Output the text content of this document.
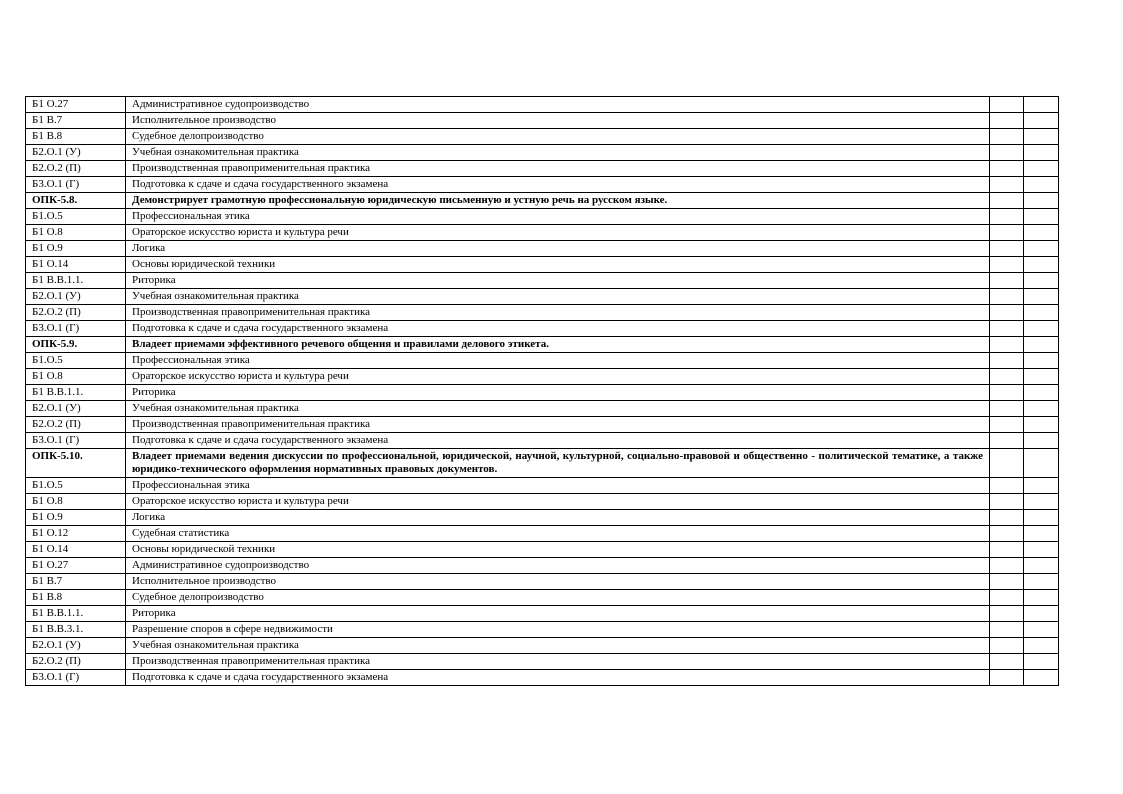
Б1 О.27	Административное судопроизводство		
Б1 В.7	Исполнительное производство		
Б1 В.8	Судебное делопроизводство		
Б2.О.1 (У)	Учебная ознакомительная практика		
Б2.О.2 (П)	Производственная правоприменительная практика		
Б3.О.1 (Г)	Подготовка к сдаче и сдача государственного экзамена		
ОПК-5.8.	Демонстрирует грамотную профессиональную юридическую письменную и устную речь на русском языке.		
Б1.О.5	Профессиональная этика		
Б1 О.8	Ораторское искусство юриста и культура речи		
Б1 О.9	Логика		
Б1 О.14	Основы юридической техники		
Б1 В.В.1.1.	Риторика		
Б2.О.1 (У)	Учебная ознакомительная практика		
Б2.О.2 (П)	Производственная правоприменительная практика		
Б3.О.1 (Г)	Подготовка к сдаче и сдача государственного экзамена		
ОПК-5.9.	Владеет приемами эффективного речевого общения и правилами делового этикета.		
Б1.О.5	Профессиональная этика		
Б1 О.8	Ораторское искусство юриста и культура речи		
Б1 В.В.1.1.	Риторика		
Б2.О.1 (У)	Учебная ознакомительная практика		
Б2.О.2 (П)	Производственная правоприменительная практика		
Б3.О.1 (Г)	Подготовка к сдаче и сдача государственного экзамена		
ОПК-5.10.	Владеет приемами ведения дискуссии по профессиональной, юридической, научной, культурной, социально-правовой и общественно - политической тематике, а также юридико-технического оформления нормативных правовых документов.		
Б1.О.5	Профессиональная этика		
Б1 О.8	Ораторское искусство юриста и культура речи		
Б1 О.9	Логика		
Б1 О.12	Судебная статистика		
Б1 О.14	Основы юридической техники		
Б1 О.27	Административное судопроизводство		
Б1 В.7	Исполнительное производство		
Б1 В.8	Судебное делопроизводство		
Б1 В.В.1.1.	Риторика		
Б1 В.В.3.1.	Разрешение споров в сфере недвижимости		
Б2.О.1 (У)	Учебная ознакомительная практика		
Б2.О.2 (П)	Производственная правоприменительная практика		
Б3.О.1 (Г)	Подготовка к сдаче и сдача государственного экзамена		
